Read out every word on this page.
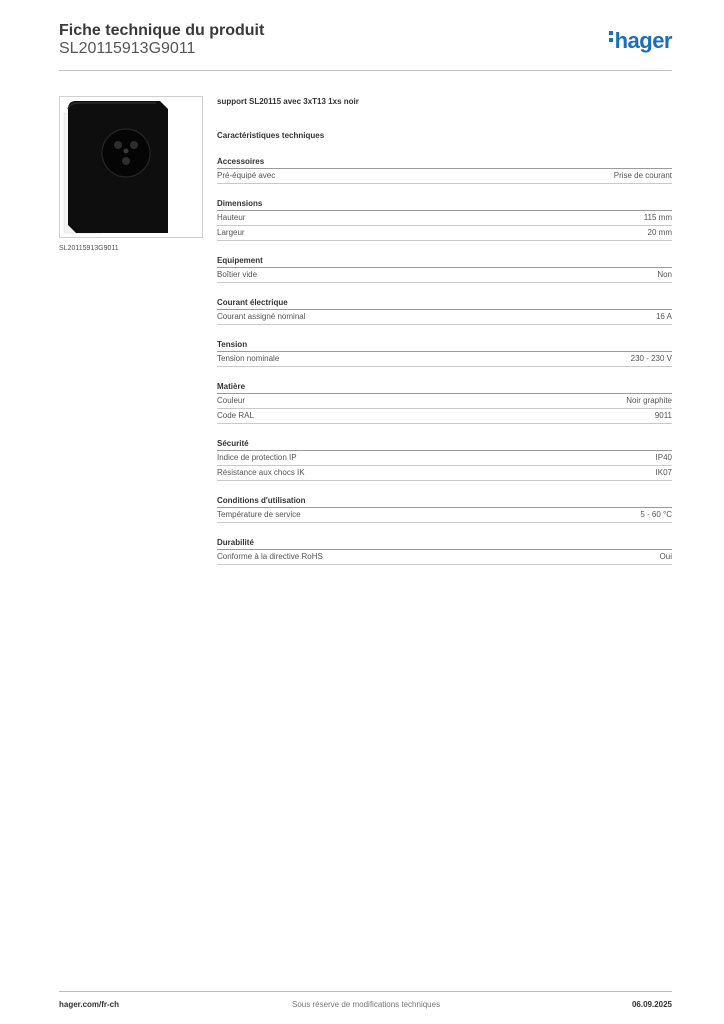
Fiche technique du produit
SL20115913G9011	hager
SL20115913G9011
support SL20115 avec 3xT13 1xs noir
Caractéristiques techniques
Accessoires
Pré-équipé avec	Prise de courant
Dimensions
Hauteur	115 mm
Largeur	20 mm
Equipement
Boîtier vide	Non
Courant électrique
Courant assigné nominal	16 A
Tension
Tension nominale	230 - 230 V
Matière
Couleur	Noir graphite
Code RAL	9011
Sécurité
Indice de protection IP	IP40
Résistance aux chocs IK	IK07
Conditions d'utilisation
Température de service	5 - 60 °C
Durabilité
Conforme à la directive RoHS	Oui
hager.com/fr-ch	Sous réserve de modifications techniques	06.09.2025
